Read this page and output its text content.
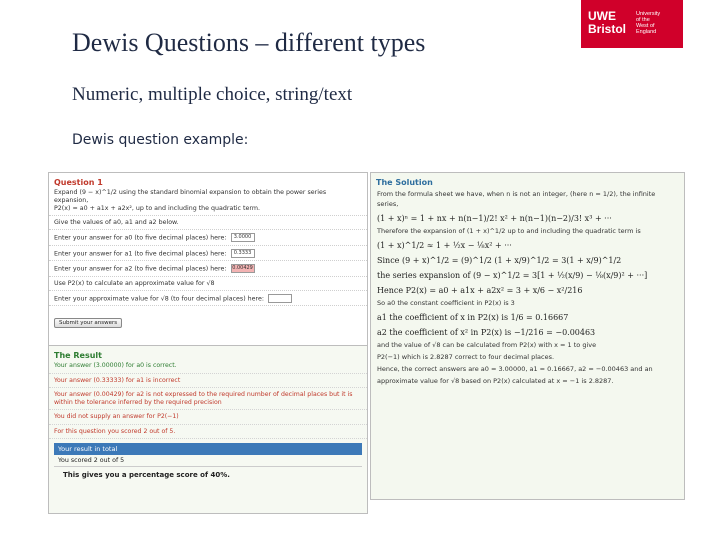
Dewis Questions – different types
Numeric, multiple choice, string/text
Dewis question example:
UWE
Bristol
University
of the
West of
England
Question 1
Expand (9 − x)^1/2 using the standard binomial expansion to obtain the power series expansion,
P2(x) = a0 + a1x + a2x², up to and including the quadratic term.
Give the values of a0, a1 and a2 below.
Enter your answer for a0 (to five decimal places) here: 3.0000
Enter your answer for a1 (to five decimal places) here: 0.3333
Enter your answer for a2 (to five decimal places) here: 0.00429
Use P2(x) to calculate an approximate value for √8
Enter your approximate value for √8 (to four decimal places) here:
Submit your answers
The Result
Your answer (3.00000) for a0 is correct.
Your answer (0.33333) for a1 is incorrect
Your answer (0.00429) for a2 is not expressed to the required number of decimal places but it is within the tolerance inferred by the required precision
You did not supply an answer for P2(−1)
For this question you scored 2 out of 5.
Your result in total
You scored 2 out of 5
This gives you a percentage score of 40%.
The Solution
From the formula sheet we have, when n is not an integer, (here n = 1/2), the infinite series,
(1 + x)ⁿ = 1 + nx + n(n−1)/2! x² + n(n−1)(n−2)/3! x³ + ···
Therefore the expansion of (1 + x)^1/2 up to and including the quadratic term is
(1 + x)^1/2 ≈ 1 + ½x − ⅛x² + ···
Since (9 + x)^1/2 = (9)^1/2 (1 + x/9)^1/2 = 3(1 + x/9)^1/2
the series expansion of (9 − x)^1/2 = 3[1 + ½(x/9) − ⅛(x/9)² + ···]
Hence P2(x) = a0 + a1x + a2x² = 3 + x/6 − x²/216
So a0 the constant coefficient in P2(x) is 3
a1 the coefficient of x in P2(x) is 1/6 = 0.16667
a2 the coefficient of x² in P2(x) is −1/216 = −0.00463
and the value of √8 can be calculated from P2(x) with x = 1 to give
P2(−1) which is 2.8287 correct to four decimal places.
Hence, the correct answers are a0 = 3.00000, a1 = 0.16667, a2 = −0.00463 and an
approximate value for √8 based on P2(x) calculated at x = −1 is 2.8287.
